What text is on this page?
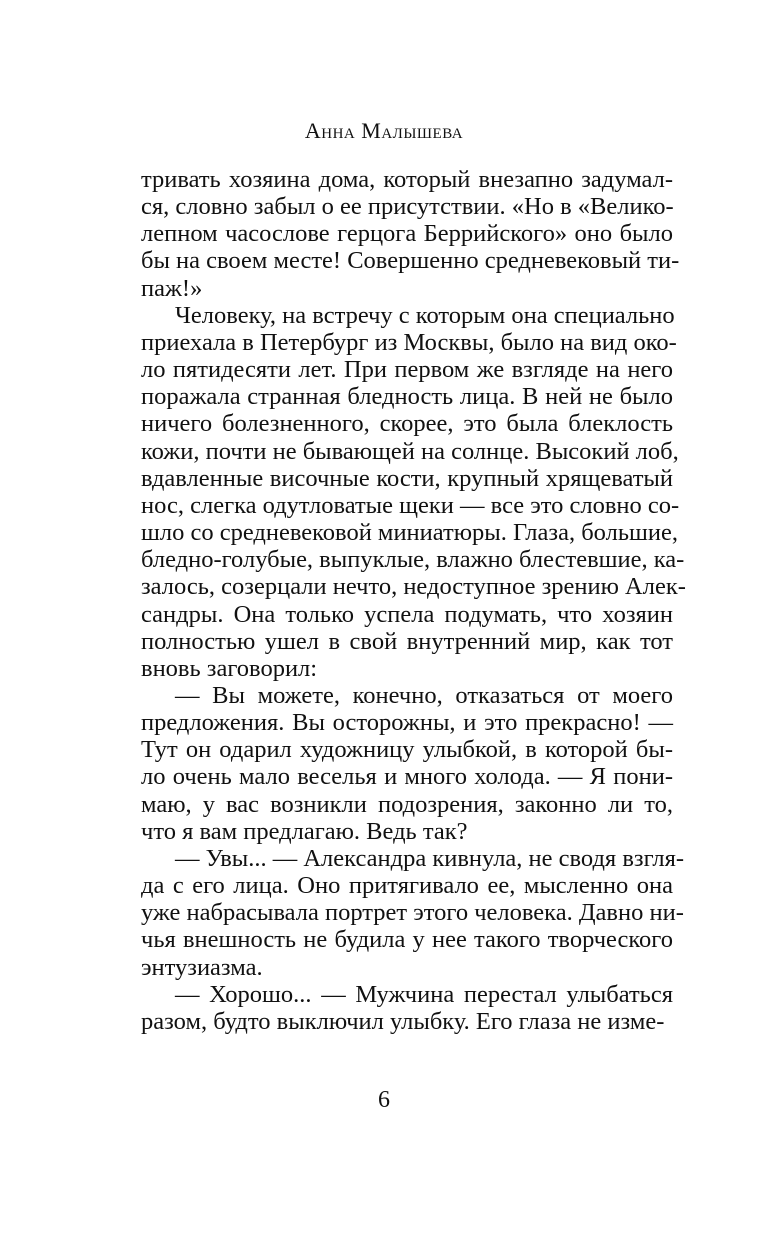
Анна Малышева

тривать хозяина дома, который внезапно задумал-
ся, словно забыл о ее присутствии. «Но в «Велико-
лепном часослове герцога Беррийского» оно было
бы на своем месте! Совершенно средневековый ти-
паж!»

Человеку, на встречу с которым она специально
приехала в Петербург из Москвы, было на вид око-
ло пятидесяти лет. При первом же взгляде на него
поражала странная бледность лица. В ней не было
ничего болезненного, скорее, это была блеклость
кожи, почти не бывающей на солнце. Высокий лоб,
вдавленные височные кости, крупный хрящеватый
нос, слегка одутловатые щеки — все это словно со-
шло со средневековой миниатюры. Глаза, большие,
бледно-голубые, выпуклые, влажно блестевшие, ка-
залось, созерцали нечто, недоступное зрению Алек-
сандры. Она только успела подумать, что хозяин
полностью ушел в свой внутренний мир, как тот
вновь заговорил:

— Вы можете, конечно, отказаться от моего
предложения. Вы осторожны, и это прекрасно! —
Тут он одарил художницу улыбкой, в которой бы-
ло очень мало веселья и много холода. — Я пони-
маю, у вас возникли подозрения, законно ли то,
что я вам предлагаю. Ведь так?

— Увы... — Александра кивнула, не сводя взгля-
да с его лица. Оно притягивало ее, мысленно она
уже набрасывала портрет этого человека. Давно ни-
чья внешность не будила у нее такого творческого
энтузиазма.

— Хорошо... — Мужчина перестал улыбаться
разом, будто выключил улыбку. Его глаза не изме-

6
